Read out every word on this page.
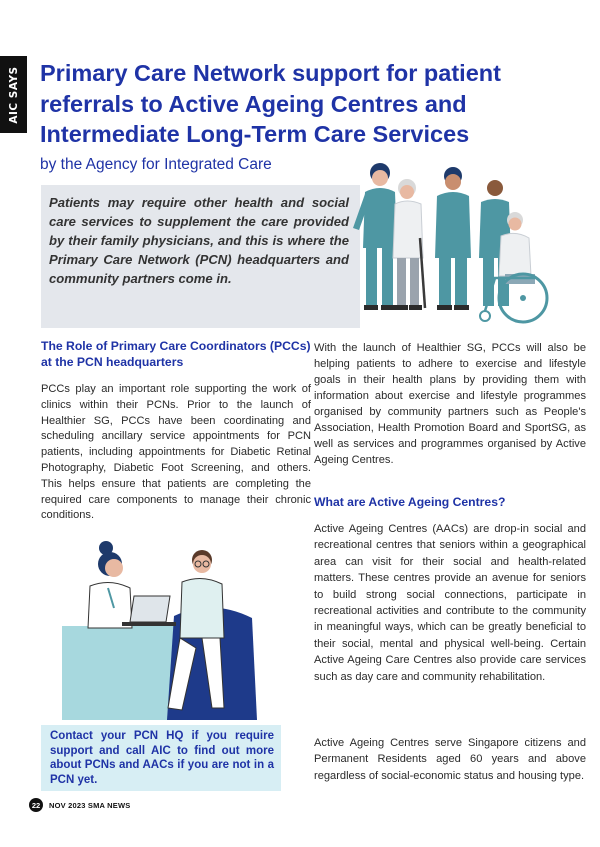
AIC SAYS Primary Care Network support for patient referrals to Active Ageing Centres and Intermediate Long-Term Care Services
by the Agency for Integrated Care

Patients may require other health and social care services to supplement the care provided by their family physicians, and this is where the Primary Care Network (PCN) headquarters and community partners come in.

The Role of Primary Care Coordinators (PCCs) at the PCN headquarters

PCCs play an important role supporting the work of clinics within their PCNs. Prior to the launch of Healthier SG, PCCs have been coordinating and scheduling ancillary service appointments for PCN patients, including appointments for Diabetic Retinal Photography, Diabetic Foot Screening, and others. This helps ensure that patients are completing the required care components to manage their chronic conditions.

With the launch of Healthier SG, PCCs will also be helping patients to adhere to exercise and lifestyle goals in their health plans by providing them with information about exercise and lifestyle programmes organised by community partners such as People's Association, Health Promotion Board and SportSG, as well as services and programmes organised by Active Ageing Centres.

What are Active Ageing Centres?

Active Ageing Centres (AACs) are drop-in social and recreational centres that seniors within a geographical area can visit for their social and health-related matters. These centres provide an avenue for seniors to build strong social connections, participate in recreational activities and contribute to the community in meaningful ways, which can be greatly beneficial to their social, mental and physical well-being. Certain Active Ageing Care Centres also provide care services such as day care and community rehabilitation.

Active Ageing Centres serve Singapore citizens and Permanent Residents aged 60 years and above regardless of social-economic status and housing type.

Contact your PCN HQ if you require support and call AIC to find out more about PCNs and AACs if you are not in a PCN yet.

22	NOV 2023 SMA NEWS
